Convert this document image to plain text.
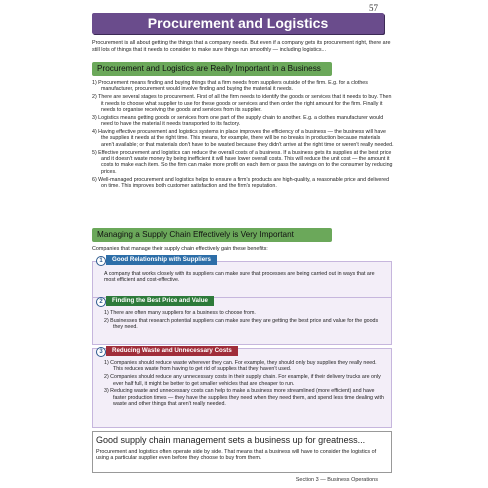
57
Procurement and Logistics
Procurement is all about getting the things that a company needs. But even if a company gets its procurement right, there are still lots of things that it needs to consider to make sure things run smoothly — including logistics...
Procurement and Logistics are Really Important in a Business

1) Procurement means finding and buying things that a firm needs from suppliers outside of the firm. E.g. for a clothes manufacturer, procurement would involve finding and buying the material it needs.

2) There are several stages to procurement. First of all the firm needs to identify the goods or services that it needs to buy. Then it needs to choose what supplier to use for these goods or services and then order the right amount for the firm. Finally it needs to organise receiving the goods and services from its supplier.

3) Logistics means getting goods or services from one part of the supply chain to another. E.g. a clothes manufacturer would need to have the material it needs transported to its factory.

4) Having effective procurement and logistics systems in place improves the efficiency of a business — the business will have the supplies it needs at the right time. This means, for example, there will be no breaks in production because materials aren't available; or that materials don't have to be wasted because they didn't arrive at the right time or weren't really needed.

5) Effective procurement and logistics can reduce the overall costs of a business. If a business gets its supplies at the best price and it doesn't waste money by being inefficient it will have lower overall costs. This will reduce the unit cost — the amount it costs to make each item. So the firm can make more profit on each item or pass the savings on to the consumer by reducing prices.

6) Well-managed procurement and logistics helps to ensure a firm's products are high-quality, a reasonable price and delivered on time. This improves both customer satisfaction and the firm's reputation.

Managing a Supply Chain Effectively is Very Important
Companies that manage their supply chain effectively gain these benefits:
1	Good Relationship with Suppliers

A company that works closely with its suppliers can make sure that processes are being carried out in ways that are most efficient and cost-effective.

2	Finding the Best Price and Value

1) There are often many suppliers for a business to choose from.

2) Businesses that research potential suppliers can make sure they are getting the best price and value for the goods they need.

3	Reducing Waste and Unnecessary Costs

1) Companies should reduce waste wherever they can. For example, they should only buy supplies they really need. This reduces waste from having to get rid of supplies that they haven't used.

2) Companies should reduce any unnecessary costs in their supply chain. For example, if their delivery trucks are only ever half full, it might be better to get smaller vehicles that are cheaper to run.

3) Reducing waste and unnecessary costs can help to make a business more streamlined (more efficient) and have faster production times — they have the supplies they need when they need them, and spend less time dealing with waste and other things that aren't really needed.

Good supply chain management sets a business up for greatness...
Procurement and logistics often operate side by side. That means that a business will have to consider the logistics of using a particular supplier even before they choose to buy from them.
Section 3 — Business Operations
